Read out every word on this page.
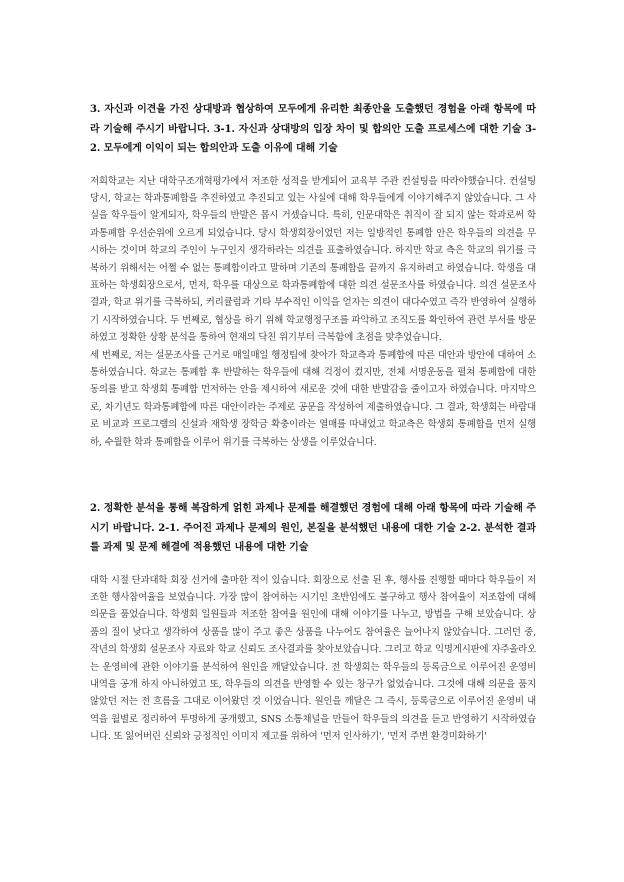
3. 자신과 이견을 가진 상대방과 협상하여 모두에게 유리한 최종안을 도출했던 경험을 아래 항목에 따라 기술해 주시기 바랍니다. 3-1. 자신과 상대방의 입장 차이 및 합의안 도출 프로세스에 대한 기술 3-2. 모두에게 이익이 되는 합의안과 도출 이유에 대해 기술
저희학교는 지난 대학구조개혁평가에서 저조한 성적을 받게되어 교육부 주관 컨설팅을 따라야했습니다. 컨설팅 당시, 학교는 학과통폐합을 추진하였고 추진되고 있는 사실에 대해 학우들에게 이야기해주지 않았습니다. 그 사실을 학우들이 알게되자, 학우들의 반발은 몹시 거셌습니다. 특히, 인문대학은 취직이 잘 되지 않는 학과로써 학과통폐합 우선순위에 오르게 되었습니다. 당시 학생회장이었던 저는 일방적인 통폐합 안은 학우들의 의견을 무시하는 것이며 학교의 주인이 누구인지 생각하라는 의견을 표출하였습니다. 하지만 학교 측은 학교의 위기를 극복하기 위해서는 어쩔 수 없는 통폐합이라고 말하며 기존의 통폐합을 끝까지 유지하려고 하였습니다. 학생을 대표하는 학생회장으로서, 먼저, 학우를 대상으로 학과통폐합에 대한 의견 설문조사를 하였습니다. 의견 설문조사 결과, 학교 위기를 극복하되, 커리큘럼과 기타 부수적인 이익을 얻자는 의견이 대다수였고 즉각 반영하여 실행하기 시작하였습니다. 두 번째로, 협상을 하기 위해 학교행정구조를 파악하고 조직도를 확인하여 관련 부서를 방문하였고 정확한 상황 분석을 통하여 현재의 닥친 위기부터 극복함에 초점을 맞추었습니다.
세 번째로, 저는 설문조사를 근거로 매일매일 행정팀에 찾아가 학교측과 통폐합에 따른 대안과 방안에 대하여 소통하였습니다. 학교는 통폐합 후 반발하는 학우들에 대해 걱정이 컸지만, 전체 서명운동을 펼쳐 통폐합에 대한 동의를 받고 학생회 통폐합 먼저하는 안을 제시하여 새로운 것에 대한 반발감을 줄이고자 하였습니다. 마지막으로, 차기년도 학과통폐합에 따른 대안이라는 주제로 공문을 작성하여 제출하였습니다. 그 결과, 학생회는 바람대로 비교과 프로그램의 신설과 재학생 장학금 확충이라는 열매를 따내었고 학교측은 학생회 통폐합을 먼저 실행하, 수월한 학과 통폐합을 이루어 위기를 극복하는 상생을 이루었습니다.
2. 정확한 분석을 통해 복잡하게 얽힌 과제나 문제를 해결했던 경험에 대해 아래 항목에 따라 기술해 주시기 바랍니다. 2-1. 주어진 과제나 문제의 원인, 본질을 분석했던 내용에 대한 기술 2-2. 분석한 결과를 과제 및 문제 해결에 적용했던 내용에 대한 기술
대학 시절 단과대학 회장 선거에 출마한 적이 있습니다. 회장으로 선출 된 후, 행사를 진행할 때마다 학우들이 저조한 행사참여율을 보였습니다. 가장 많이 참여하는 시기인 초반임에도 불구하고 행사 참여율이 저조함에 대해 의문을 품었습니다. 학생회 일원들과 저조한 참여율 원인에 대해 이야기를 나누고, 방법을 구해 보았습니다. 상품의 질이 낮다고 생각하여 상품을 많이 주고 좋은 상품을 나누어도 참여율은 늘어나지 않았습니다. 그러던 중, 작년의 학생회 설문조사 자료와 학교 신뢰도 조사결과를 찾아보았습니다. 그리고 학교 익명게시판에 자주올라오는 운영비에 관한 이야기를 분석하여 원인을 깨달았습니다. 전 학생회는 학우들의 등록금으로 이루어진 운영비 내역을 공개 하지 아니하였고 또, 학우들의 의견을 반영할 수 있는 창구가 없었습니다. 그것에 대해 의문을 품지 않았던 저는 전 흐름을 그대로 이어왔던 것 이었습니다. 원인을 깨달은 그 즉시, 등록금으로 이루어진 운영비 내역을 월별로 정리하여 투명하게 공개했고, SNS 소통채널을 만들어 학우들의 의견을 듣고 반영하기 시작하였습니다. 또 잃어버린 신뢰와 긍정적인 이미지 제고를 위하여 '먼저 인사하기', '먼저 주변 환경미화하기'
